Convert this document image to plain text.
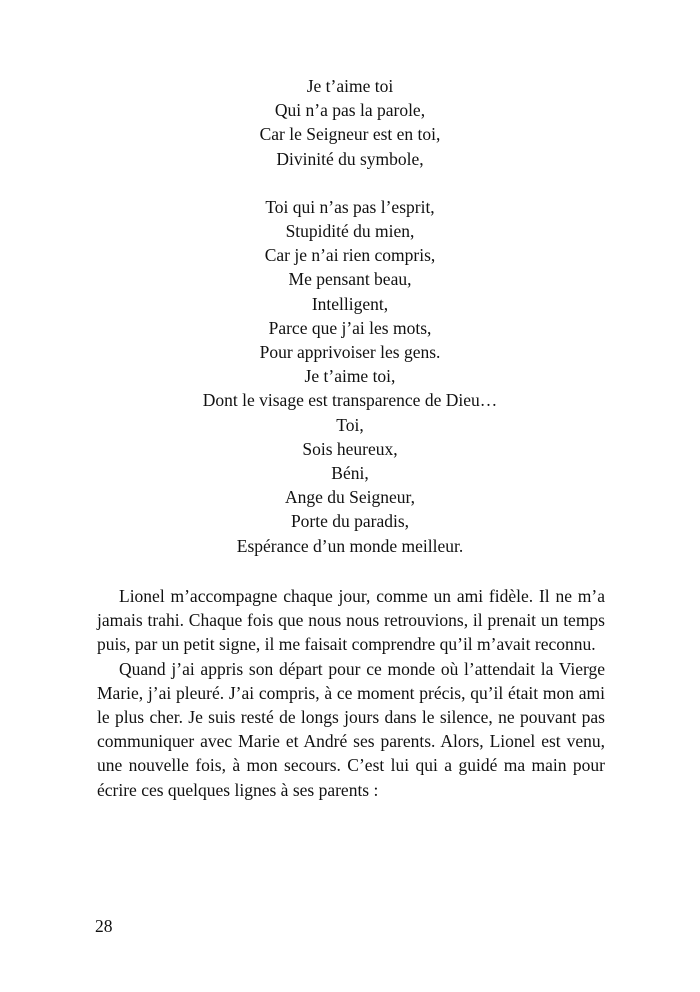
Je t’aime toi
Qui n’a pas la parole,
Car le Seigneur est en toi,
Divinité du symbole,
Toi qui n’as pas l’esprit,
Stupidité du mien,
Car je n’ai rien compris,
Me pensant beau,
Intelligent,
Parce que j’ai les mots,
Pour apprivoiser les gens.
Je t’aime toi,
Dont le visage est transparence de Dieu…
Toi,
Sois heureux,
Béni,
Ange du Seigneur,
Porte du paradis,
Espérance d’un monde meilleur.

Lionel m’accompagne chaque jour, comme un ami fidèle. Il ne m’a jamais trahi. Chaque fois que nous nous retrouvions, il prenait un temps puis, par un petit signe, il me faisait comprendre qu’il m’avait reconnu.

Quand j’ai appris son départ pour ce monde où l’attendait la Vierge Marie, j’ai pleuré. J’ai compris, à ce moment précis, qu’il était mon ami le plus cher. Je suis resté de longs jours dans le silence, ne pouvant pas communiquer avec Marie et André ses parents. Alors, Lionel est venu, une nouvelle fois, à mon secours. C’est lui qui a guidé ma main pour écrire ces quelques lignes à ses parents :

28
